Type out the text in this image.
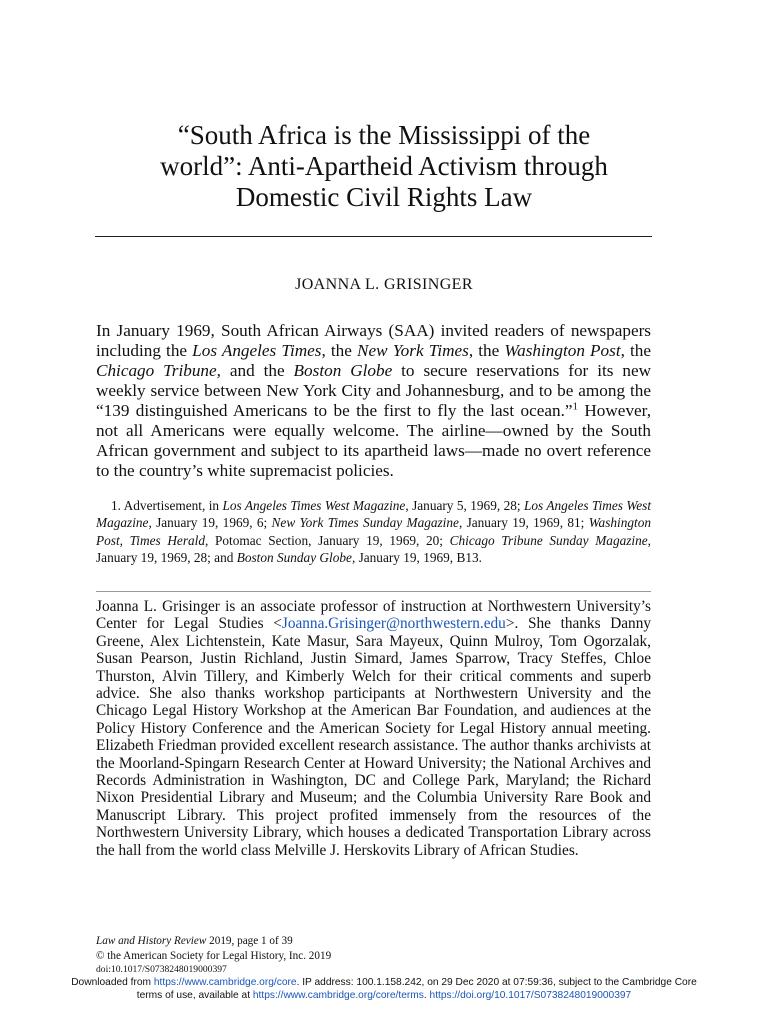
“South Africa is the Mississippi of the
world”: Anti-Apartheid Activism through
Domestic Civil Rights Law
JOANNA L. GRISINGER

In January 1969, South African Airways (SAA) invited readers of newspapers including the Los Angeles Times, the New York Times, the Washington Post, the Chicago Tribune, and the Boston Globe to secure reservations for its new weekly service between New York City and Johannesburg, and to be among the “139 distinguished Americans to be the first to fly the last ocean.”$^1$ However, not all Americans were equally welcome. The airline—owned by the South African government and subject to its apartheid laws—made no overt reference to the country’s white supremacist policies.

1. Advertisement, in Los Angeles Times West Magazine, January 5, 1969, 28; Los Angeles Times West Magazine, January 19, 1969, 6; New York Times Sunday Magazine, January 19, 1969, 81; Washington Post, Times Herald, Potomac Section, January 19, 1969, 20; Chicago Tribune Sunday Magazine, January 19, 1969, 28; and Boston Sunday Globe, January 19, 1969, B13.

Joanna L. Grisinger is an associate professor of instruction at Northwestern University’s Center for Legal Studies <Joanna.Grisinger@northwestern.edu>. She thanks Danny Greene, Alex Lichtenstein, Kate Masur, Sara Mayeux, Quinn Mulroy, Tom Ogorzalak, Susan Pearson, Justin Richland, Justin Simard, James Sparrow, Tracy Steffes, Chloe Thurston, Alvin Tillery, and Kimberly Welch for their critical comments and superb advice. She also thanks workshop participants at Northwestern University and the Chicago Legal History Workshop at the American Bar Foundation, and audiences at the Policy History Conference and the American Society for Legal History annual meeting. Elizabeth Friedman provided excellent research assistance. The author thanks archivists at the Moorland-Spingarn Research Center at Howard University; the National Archives and Records Administration in Washington, DC and College Park, Maryland; the Richard Nixon Presidential Library and Museum; and the Columbia University Rare Book and Manuscript Library. This project profited immensely from the resources of the Northwestern University Library, which houses a dedicated Transportation Library across the hall from the world class Melville J. Herskovits Library of African Studies.

Law and History Review 2019, page 1 of 39
© the American Society for Legal History, Inc. 2019
doi:10.1017/S0738248019000397
Downloaded from https://www.cambridge.org/core. IP address: 100.1.158.242, on 29 Dec 2020 at 07:59:36, subject to the Cambridge Core
terms of use, available at https://www.cambridge.org/core/terms. https://doi.org/10.1017/S0738248019000397
